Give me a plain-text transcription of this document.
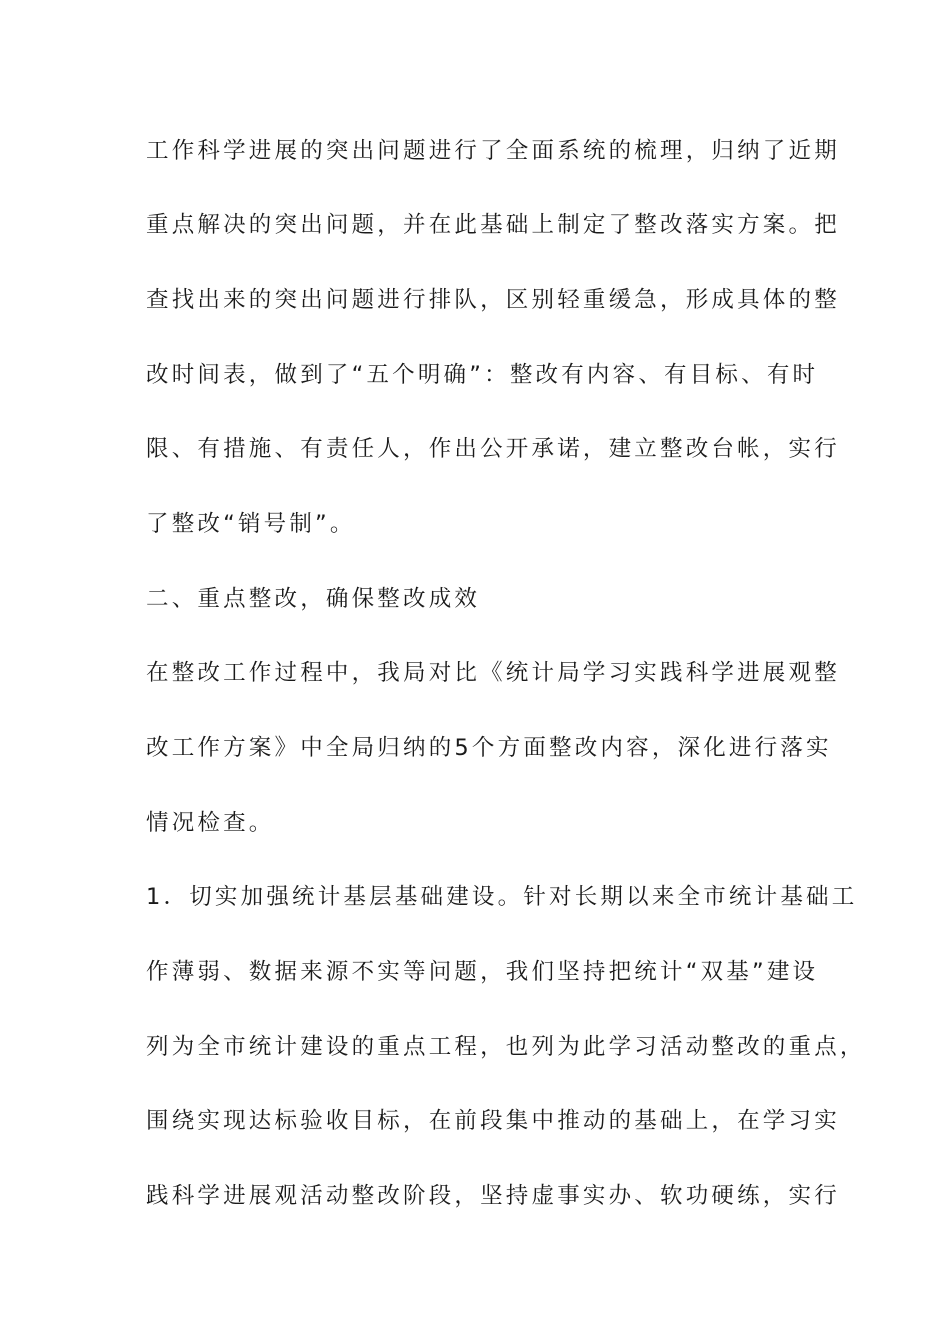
工作科学进展的突出问题进行了全面系统的梳理，归纳了近期
重点解决的突出问题，并在此基础上制定了整改落实方案。把
查找出来的突出问题进行排队，区别轻重缓急，形成具体的整
改时间表，做到了“五个明确”：整改有内容、有目标、有时
限、有措施、有责任人，作出公开承诺，建立整改台帐，实行
了整改“销号制”。
二、重点整改，确保整改成效
在整改工作过程中，我局对比《统计局学习实践科学进展观整
改工作方案》中全局归纳的5个方面整改内容，深化进行落实
情况检查。
1．切实加强统计基层基础建设。针对长期以来全市统计基础工
作薄弱、数据来源不实等问题，我们坚持把统计“双基”建设
列为全市统计建设的重点工程，也列为此学习活动整改的重点，
围绕实现达标验收目标，在前段集中推动的基础上，在学习实
践科学进展观活动整改阶段，坚持虚事实办、软功硬练，实行
